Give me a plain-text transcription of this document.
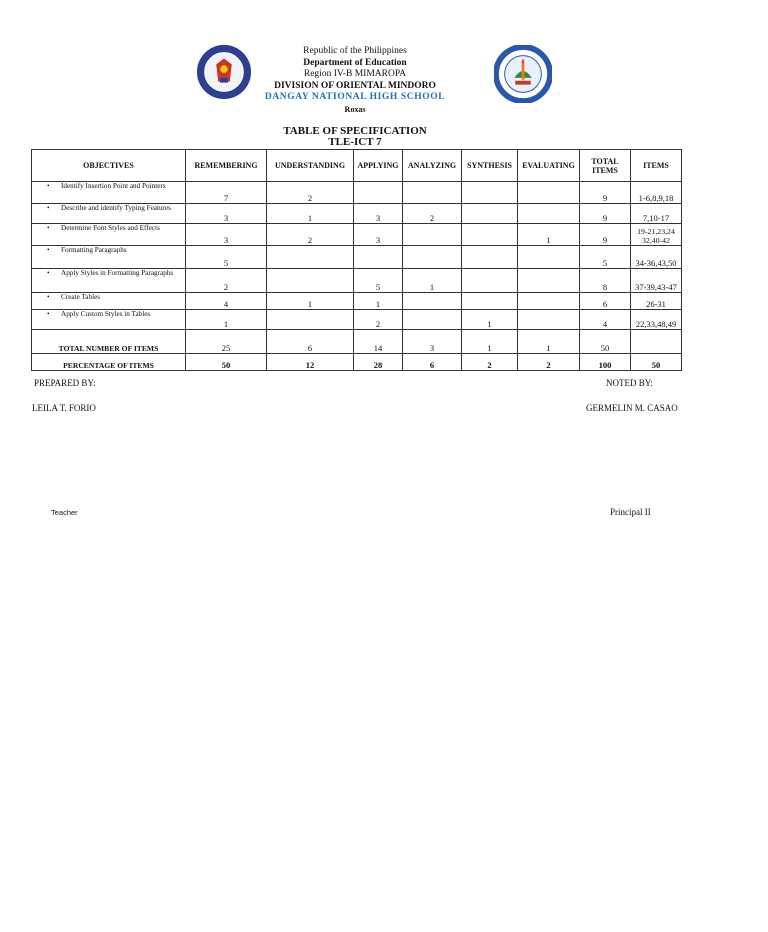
Republic of the Philippines
Department of Education
Region IV-B MIMAROPA
DIVISION OF ORIENTAL MINDORO
DANGAY NATIONAL HIGH SCHOOL
Roxas
TABLE OF SPECIFICATION
TLE-ICT 7
OBJECTIVES	REMEMBERING	UNDERSTANDING	APPLYING	ANALYZING	SYNTHESIS	EVALUATING	TOTAL ITEMS	ITEMS
• Identify Insertion Point and Pointers	7	2					9	1-6,8,9,18
• Describe and identify Typing Features	3	1	3	2			9	7,10-17
• Determine Font Styles and Effects	3	2	3			1	9	19-21,23,24 32,40-42
• Formatting Paragraphs	5						5	34-36,43,50
• Apply Styles in Formatting Paragraphs	2		5	1			8	37-39,43-47
• Create Tables	4	1	1				6	26-31
• Apply Custom Styles in Tables	1		2		1		4	22,33,48,49
TOTAL NUMBER OF ITEMS	25	6	14	3	1	1	50	
PERCENTAGE OF ITEMS	50	12	28	6	2	2	100	50
PREPARED BY:	NOTED BY:
LEILA T. FORIO	GERMELIN M. CASAO
Teacher	Principal II
